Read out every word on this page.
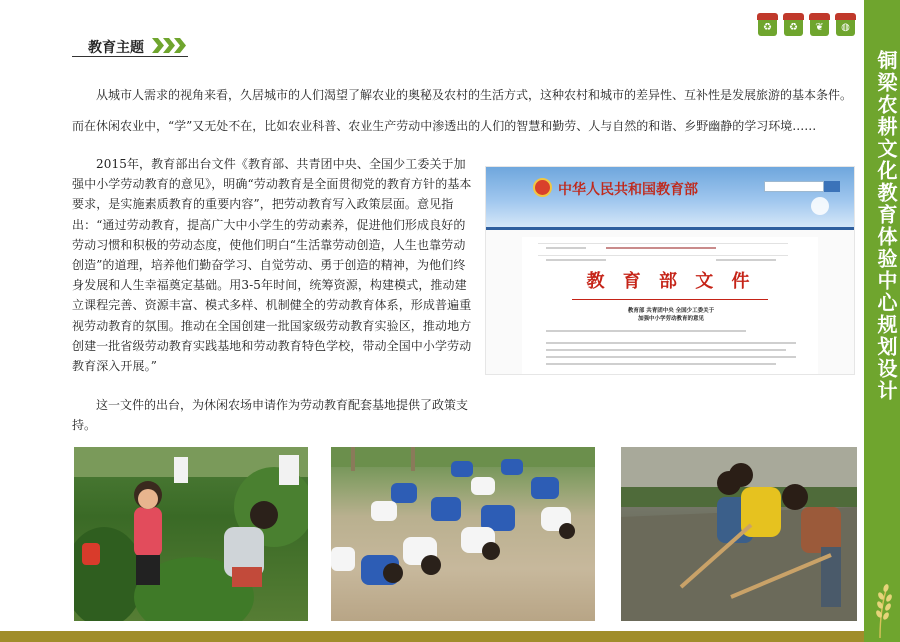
铜梁农耕文化教育体验中心规划设计
♻	♻	❦	◍
教育主题
从城市人需求的视角来看，久居城市的人们渴望了解农业的奥秘及农村的生活方式，这种农村和城市的差异性、互补性是发展旅游的基本条件。
而在休闲农业中，“学”又无处不在，比如农业科普、农业生产劳动中渗透出的人们的智慧和勤劳、人与自然的和谐、乡野幽静的学习环境……
2015年，教育部出台文件《教育部、共青团中央、全国少工委关于加强中小学劳动教育的意见》，明确“劳动教育是全面贯彻党的教育方针的基本要求，是实施素质教育的重要内容”，把劳动教育写入政策层面。意见指出：“通过劳动教育，提高广大中小学生的劳动素养，促进他们形成良好的劳动习惯和积极的劳动态度，使他们明白“生活靠劳动创造，人生也靠劳动创造”的道理，培养他们勤奋学习、自觉劳动、勇于创造的精神，为他们终身发展和人生幸福奠定基础。用3-5年时间，统筹资源，构建模式，推动建立课程完善、资源丰富、模式多样、机制健全的劳动教育体系，形成普遍重视劳动教育的氛围。推动在全国创建一批国家级劳动教育实验区，推动地方创建一批省级劳动教育实践基地和劳动教育特色学校，带动全国中小学劳动教育深入开展。”
这一文件的出台，为休闲农场申请作为劳动教育配套基地提供了政策支持。
中华人民共和国教育部
教 育 部 文 件
教育部 共青团中央 全国少工委关于
加强中小学劳动教育的意见
